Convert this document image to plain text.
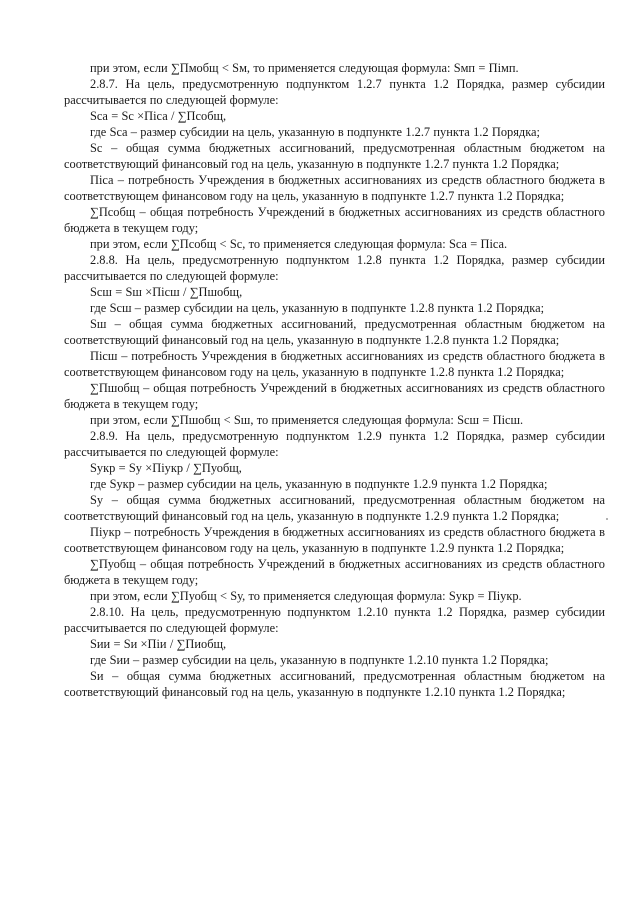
при этом, если ∑Пмобщ < Sм, то применяется следующая формула: Sмп = Пімп.

2.8.7. На цель, предусмотренную подпунктом 1.2.7 пункта 1.2 Порядка, размер субсидии рассчитывается по следующей формуле:

Sсa = Sс ×Пiса / ∑Псобщ,

где Sсa – размер субсидии на цель, указанную в подпункте 1.2.7 пункта 1.2 Порядка;

Sс – общая сумма бюджетных ассигнований, предусмотренная областным бюджетом на соответствующий финансовый год на цель, указанную в подпункте 1.2.7 пункта 1.2 Порядка;

Пiса – потребность Учреждения в бюджетных ассигнованиях из средств областного бюджета в соответствующем финансовом году на цель, указанную в подпункте 1.2.7 пункта 1.2 Порядка;

∑Псобщ – общая потребность Учреждений в бюджетных ассигнованиях из средств областного бюджета в текущем году;

при этом, если ∑Псобщ < Sс, то применяется следующая формула: Sсa = Пiса.

2.8.8. На цель, предусмотренную подпунктом 1.2.8 пункта 1.2 Порядка, размер субсидии рассчитывается по следующей формуле:

Sсш = Sш ×Пiсш / ∑Пшобщ,

где Sсш – размер субсидии на цель, указанную в подпункте 1.2.8 пункта 1.2 Порядка;

Sш – общая сумма бюджетных ассигнований, предусмотренная областным бюджетом на соответствующий финансовый год на цель, указанную в подпункте 1.2.8 пункта 1.2 Порядка;

Пiсш – потребность Учреждения в бюджетных ассигнованиях из средств областного бюджета в соответствующем финансовом году на цель, указанную в подпункте 1.2.8 пункта 1.2 Порядка;

∑Пшобщ – общая потребность Учреждений в бюджетных ассигнованиях из средств областного бюджета в текущем году;

при этом, если ∑Пшобщ < Sш, то применяется следующая формула: Sсш = Пiсш.

2.8.9. На цель, предусмотренную подпунктом 1.2.9 пункта 1.2 Порядка, размер субсидии рассчитывается по следующей формуле:

Sукр = Sу ×Пiукр / ∑Пуобщ,

где Sукр – размер субсидии на цель, указанную в подпункте 1.2.9 пункта 1.2 Порядка;

Sу – общая сумма бюджетных ассигнований, предусмотренная областным бюджетом на соответствующий финансовый год на цель, указанную в подпункте 1.2.9 пункта 1.2 Порядка;

Пiукр – потребность Учреждения в бюджетных ассигнованиях из средств областного бюджета в соответствующем финансовом году на цель, указанную в подпункте 1.2.9 пункта 1.2 Порядка;

∑Пуобщ – общая потребность Учреждений в бюджетных ассигнованиях из средств областного бюджета в текущем году;

при этом, если ∑Пуобщ < Sу, то применяется следующая формула: Sукр = Пiукр.

2.8.10. На цель, предусмотренную подпунктом 1.2.10 пункта 1.2 Порядка, размер субсидии рассчитывается по следующей формуле:

Sии = Sи ×Пiи / ∑Пиобщ,

где Sии – размер субсидии на цель, указанную в подпункте 1.2.10 пункта 1.2 Порядка;

Sи – общая сумма бюджетных ассигнований, предусмотренная областным бюджетом на соответствующий финансовый год на цель, указанную в подпункте 1.2.10 пункта 1.2 Порядка;
